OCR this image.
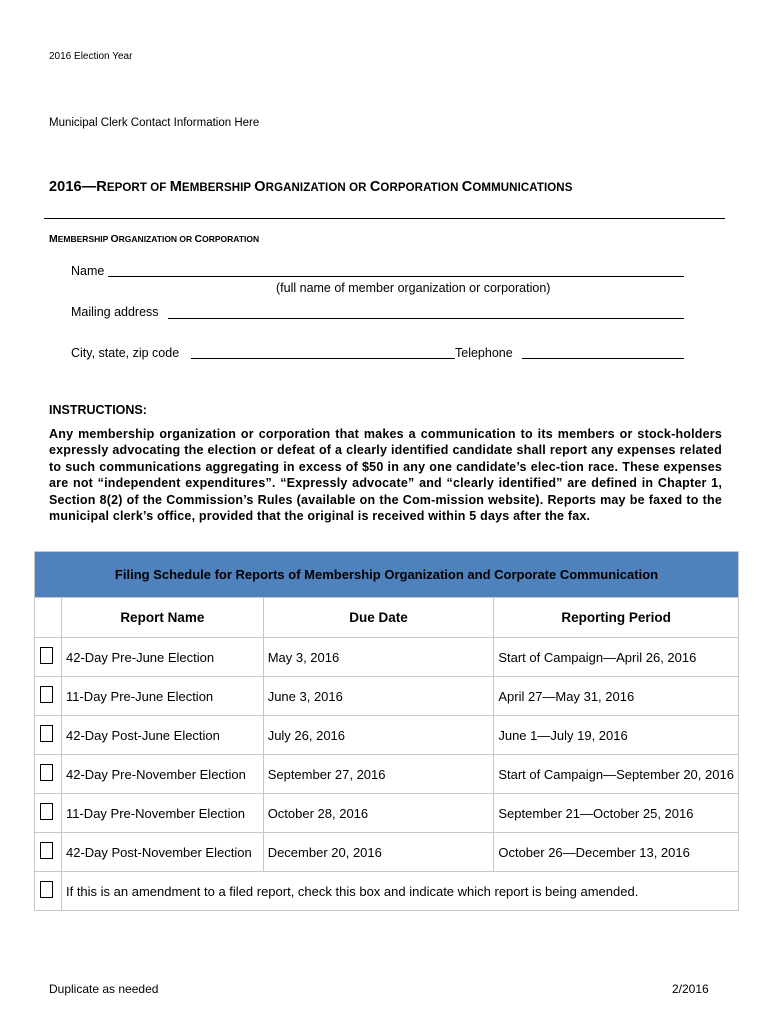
2016 Election Year
Municipal Clerk Contact Information Here
2016—REPORT OF MEMBERSHIP ORGANIZATION OR CORPORATION COMMUNICATIONS
MEMBERSHIP ORGANIZATION OR CORPORATION
Name
(full name of member organization or corporation)
Mailing address
City, state, zip code	Telephone
INSTRUCTIONS:
Any membership organization or corporation that makes a communication to its members or stock-holders expressly advocating the election or defeat of a clearly identified candidate shall report any expenses related to such communications aggregating in excess of $50 in any one candidate’s elec-tion race. These expenses are not “independent expenditures”. “Expressly advocate” and “clearly identified” are defined in Chapter 1, Section 8(2) of the Commission’s Rules (available on the Com-mission website). Reports may be faxed to the municipal clerk’s office, provided that the original is received within 5 days after the fax.
Filing Schedule for Reports of Membership Organization and Corporate Communication			
	Report Name	Due Date	Reporting Period
	42-Day Pre-June Election	May 3, 2016	Start of Campaign—April 26, 2016
	11-Day Pre-June Election	June 3, 2016	April 27—May 31, 2016
	42-Day Post-June Election	July 26, 2016	June 1—July 19, 2016
	42-Day Pre-November Election	September 27, 2016	Start of Campaign—September 20, 2016
	11-Day Pre-November Election	October 28, 2016	September 21—October 25, 2016
	42-Day Post-November Election	December 20, 2016	October 26—December 13, 2016
	If this is an amendment to a filed report, check this box and indicate which report is being amended.		
Duplicate as needed	2/2016
